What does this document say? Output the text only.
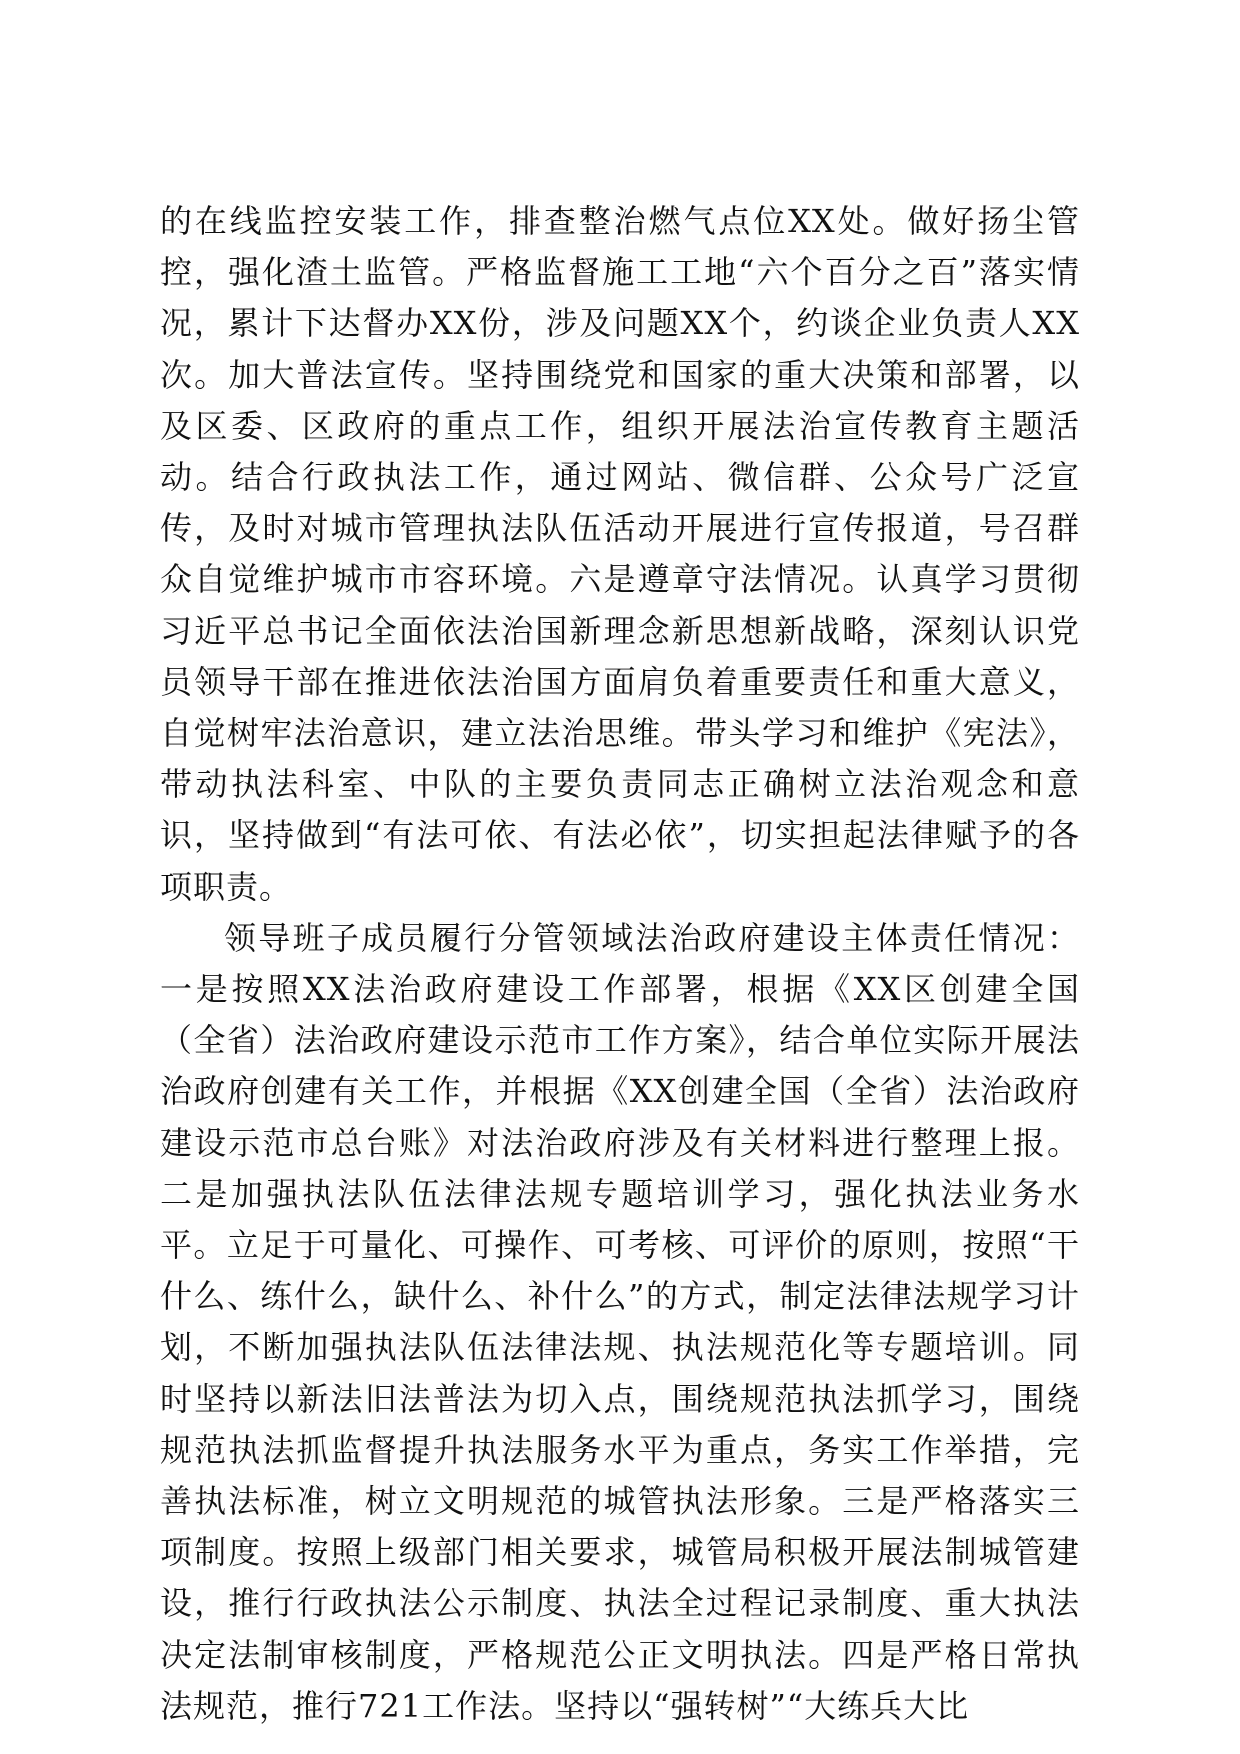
的在线监控安装工作，排查整治燃气点位XX处。做好扬尘管控，强化渣土监管。严格监督施工工地“六个百分之百”落实情况，累计下达督办XX份，涉及问题XX个，约谈企业负责人XX次。加大普法宣传。坚持围绕党和国家的重大决策和部署，以及区委、区政府的重点工作，组织开展法治宣传教育主题活动。结合行政执法工作，通过网站、微信群、公众号广泛宣传，及时对城市管理执法队伍活动开展进行宣传报道，号召群众自觉维护城市市容环境。六是遵章守法情况。认真学习贯彻习近平总书记全面依法治国新理念新思想新战略，深刻认识党员领导干部在推进依法治国方面肩负着重要责任和重大意义，自觉树牢法治意识，建立法治思维。带头学习和维护《宪法》，带动执法科室、中队的主要负责同志正确树立法治观念和意识，坚持做到“有法可依、有法必依”，切实担起法律赋予的各项职责。

领导班子成员履行分管领域法治政府建设主体责任情况：一是按照XX法治政府建设工作部署，根据《XX区创建全国（全省）法治政府建设示范市工作方案》，结合单位实际开展法治政府创建有关工作，并根据《XX创建全国（全省）法治政府建设示范市总台账》对法治政府涉及有关材料进行整理上报。二是加强执法队伍法律法规专题培训学习，强化执法业务水平。立足于可量化、可操作、可考核、可评价的原则，按照“干什么、练什么，缺什么、补什么”的方式，制定法律法规学习计划，不断加强执法队伍法律法规、执法规范化等专题培训。同时坚持以新法旧法普法为切入点，围绕规范执法抓学习，围绕规范执法抓监督提升执法服务水平为重点，务实工作举措，完善执法标准，树立文明规范的城管执法形象。三是严格落实三项制度。按照上级部门相关要求，城管局积极开展法制城管建设，推行行政执法公示制度、执法全过程记录制度、重大执法决定法制审核制度，严格规范公正文明执法。四是严格日常执法规范，推行721工作法。坚持以“强转树”“大练兵大比
